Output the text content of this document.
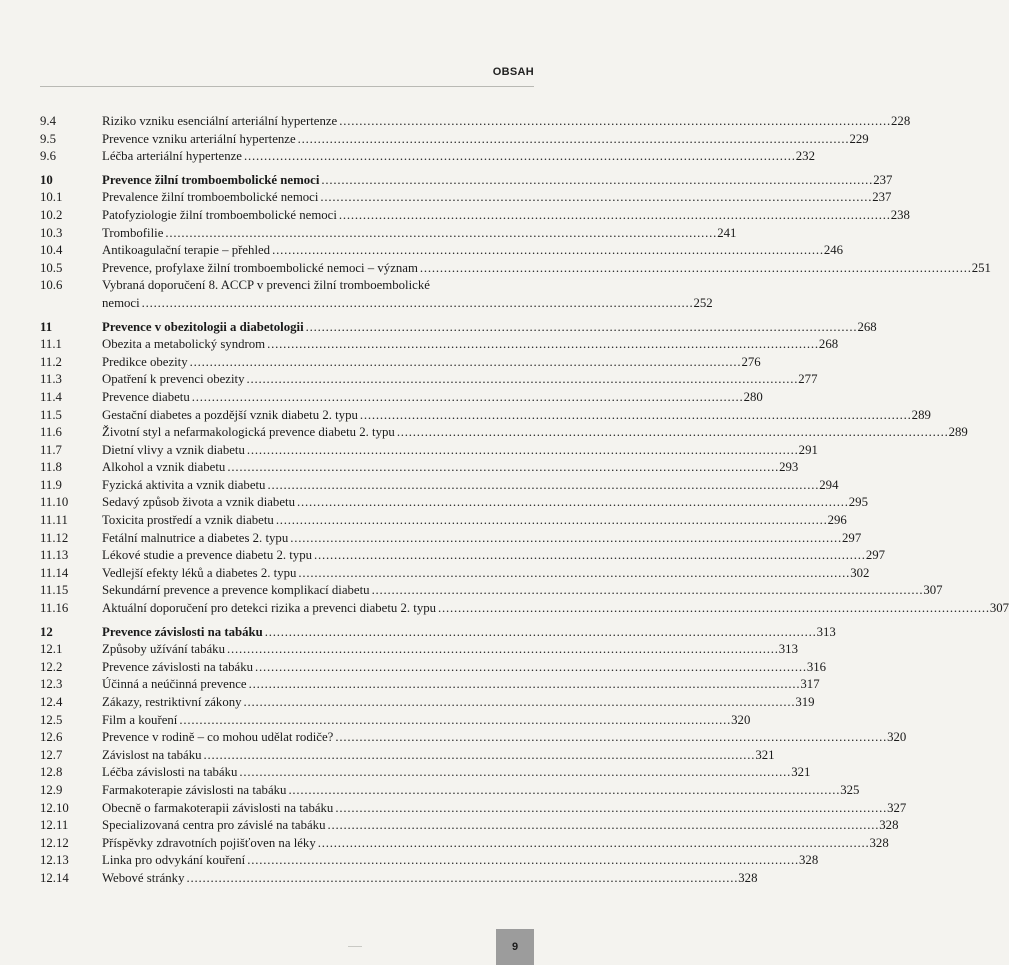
OBSAH
9.4	Riziko vzniku esenciální arteriální hypertenze . . .	228
9.5	Prevence vzniku arteriální hypertenze . . .	229
9.6	Léčba arteriální hypertenze . . .	232
10	Prevence žilní tromboembolické nemoci . . .	237
10.1	Prevalence žilní tromboembolické nemoci . . .	237
10.2	Patofyziologie žilní tromboembolické nemoci . . .	238
10.3	Trombofilie . . .	241
10.4	Antikoagulační terapie – přehled . . .	246
10.5	Prevence, profylaxe žilní tromboembolické nemoci – význam . . .	251
10.6	Vybraná doporučení 8. ACCP v prevenci žilní tromboembolické
nemoci . . .	252
11	Prevence v obezitologii a diabetologii . . .	268
11.1	Obezita a metabolický syndrom . . .	268
11.2	Predikce obezity . . .	276
11.3	Opatření k prevenci obezity . . .	277
11.4	Prevence diabetu . . .	280
11.5	Gestační diabetes a pozdější vznik diabetu 2. typu . . .	289
11.6	Životní styl a nefarmakologická prevence diabetu 2. typu . . .	289
11.7	Dietní vlivy a vznik diabetu . . .	291
11.8	Alkohol a vznik diabetu . . .	293
11.9	Fyzická aktivita a vznik diabetu . . .	294
11.10	Sedavý způsob života a vznik diabetu . . .	295
11.11	Toxicita prostředí a vznik diabetu . . .	296
11.12	Fetální malnutrice a diabetes 2. typu . . .	297
11.13	Lékové studie a prevence diabetu 2. typu . . .	297
11.14	Vedlejší efekty léků a diabetes 2. typu . . .	302
11.15	Sekundární prevence a prevence komplikací diabetu . . .	307
11.16	Aktuální doporučení pro detekci rizika a prevenci diabetu 2. typu . . .	307
12	Prevence závislosti na tabáku . . .	313
12.1	Způsoby užívání tabáku . . .	313
12.2	Prevence závislosti na tabáku . . .	316
12.3	Účinná a neúčinná prevence . . .	317
12.4	Zákazy, restriktivní zákony . . .	319
12.5	Film a kouření . . .	320
12.6	Prevence v rodině – co mohou udělat rodiče? . . .	320
12.7	Závislost na tabáku . . .	321
12.8	Léčba závislosti na tabáku . . .	321
12.9	Farmakoterapie závislosti na tabáku . . .	325
12.10	Obecně o farmakoterapii závislosti na tabáku . . .	327
12.11	Specializovaná centra pro závislé na tabáku . . .	328
12.12	Příspěvky zdravotních pojišťoven na léky . . .	328
12.13	Linka pro odvykání kouření . . .	328
12.14	Webové stránky . . .	328
9
